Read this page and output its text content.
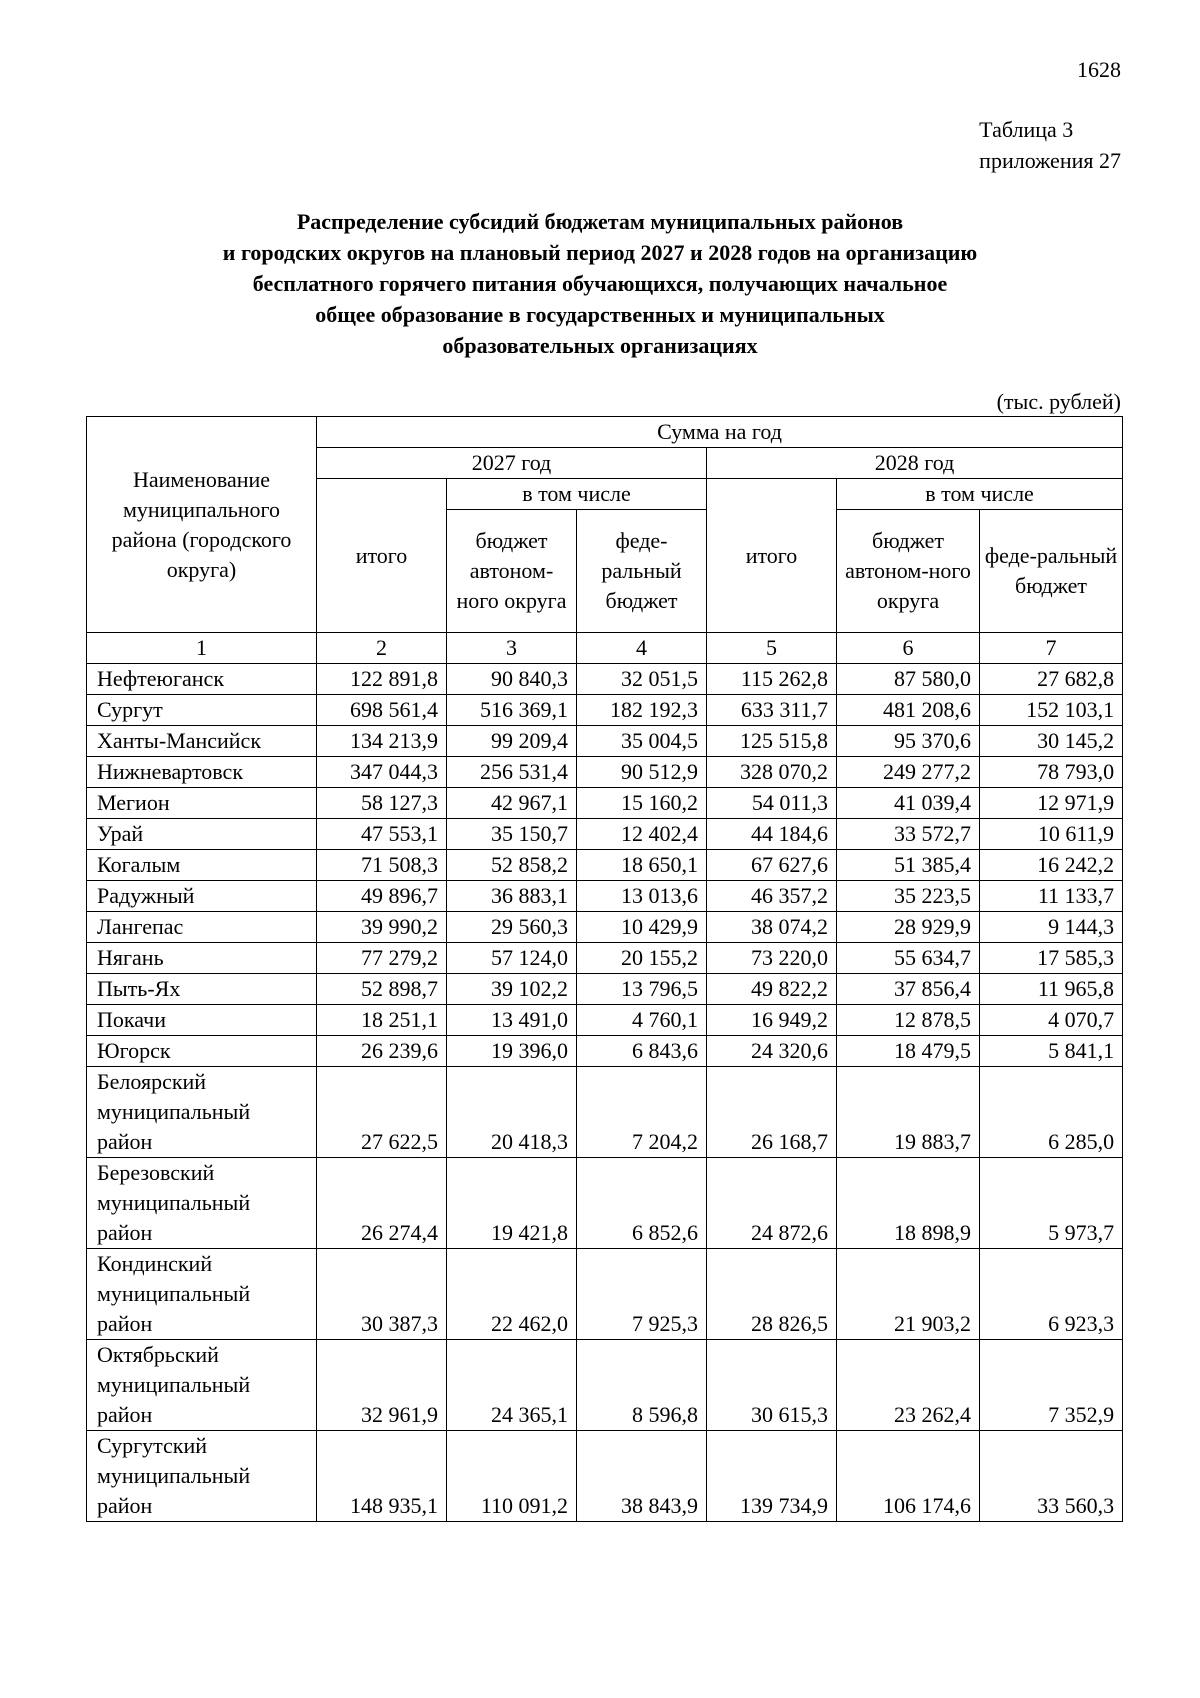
1628
Таблица 3
приложения 27
Распределение субсидий бюджетам муниципальных районов
и городских округов на плановый период 2027 и 2028 годов на организацию
бесплатного горячего питания обучающихся, получающих начальное
общее образование в государственных и муниципальных
образовательных организациях
(тыс. рублей)
Наименование муниципального района (городского округа)	Сумма на год					
	2027 год			2028 год		
	итого	в том числе		итого	в том числе	
		бюджет автоном-ного округа	феде-ральный бюджет		бюджет автоном-ного округа	феде-ральный бюджет
1	2	3	4	5	6	7
Нефтеюганск	122 891,8	90 840,3	32 051,5	115 262,8	87 580,0	27 682,8
Сургут	698 561,4	516 369,1	182 192,3	633 311,7	481 208,6	152 103,1
Ханты-Мансийск	134 213,9	99 209,4	35 004,5	125 515,8	95 370,6	30 145,2
Нижневартовск	347 044,3	256 531,4	90 512,9	328 070,2	249 277,2	78 793,0
Мегион	58 127,3	42 967,1	15 160,2	54 011,3	41 039,4	12 971,9
Урай	47 553,1	35 150,7	12 402,4	44 184,6	33 572,7	10 611,9
Когалым	71 508,3	52 858,2	18 650,1	67 627,6	51 385,4	16 242,2
Радужный	49 896,7	36 883,1	13 013,6	46 357,2	35 223,5	11 133,7
Лангепас	39 990,2	29 560,3	10 429,9	38 074,2	28 929,9	9 144,3
Нягань	77 279,2	57 124,0	20 155,2	73 220,0	55 634,7	17 585,3
Пыть-Ях	52 898,7	39 102,2	13 796,5	49 822,2	37 856,4	11 965,8
Покачи	18 251,1	13 491,0	4 760,1	16 949,2	12 878,5	4 070,7
Югорск	26 239,6	19 396,0	6 843,6	24 320,6	18 479,5	5 841,1
Белоярский муниципальный район	27 622,5	20 418,3	7 204,2	26 168,7	19 883,7	6 285,0
Березовский муниципальный район	26 274,4	19 421,8	6 852,6	24 872,6	18 898,9	5 973,7
Кондинский муниципальный район	30 387,3	22 462,0	7 925,3	28 826,5	21 903,2	6 923,3
Октябрьский муниципальный район	32 961,9	24 365,1	8 596,8	30 615,3	23 262,4	7 352,9
Сургутский муниципальный район	148 935,1	110 091,2	38 843,9	139 734,9	106 174,6	33 560,3
